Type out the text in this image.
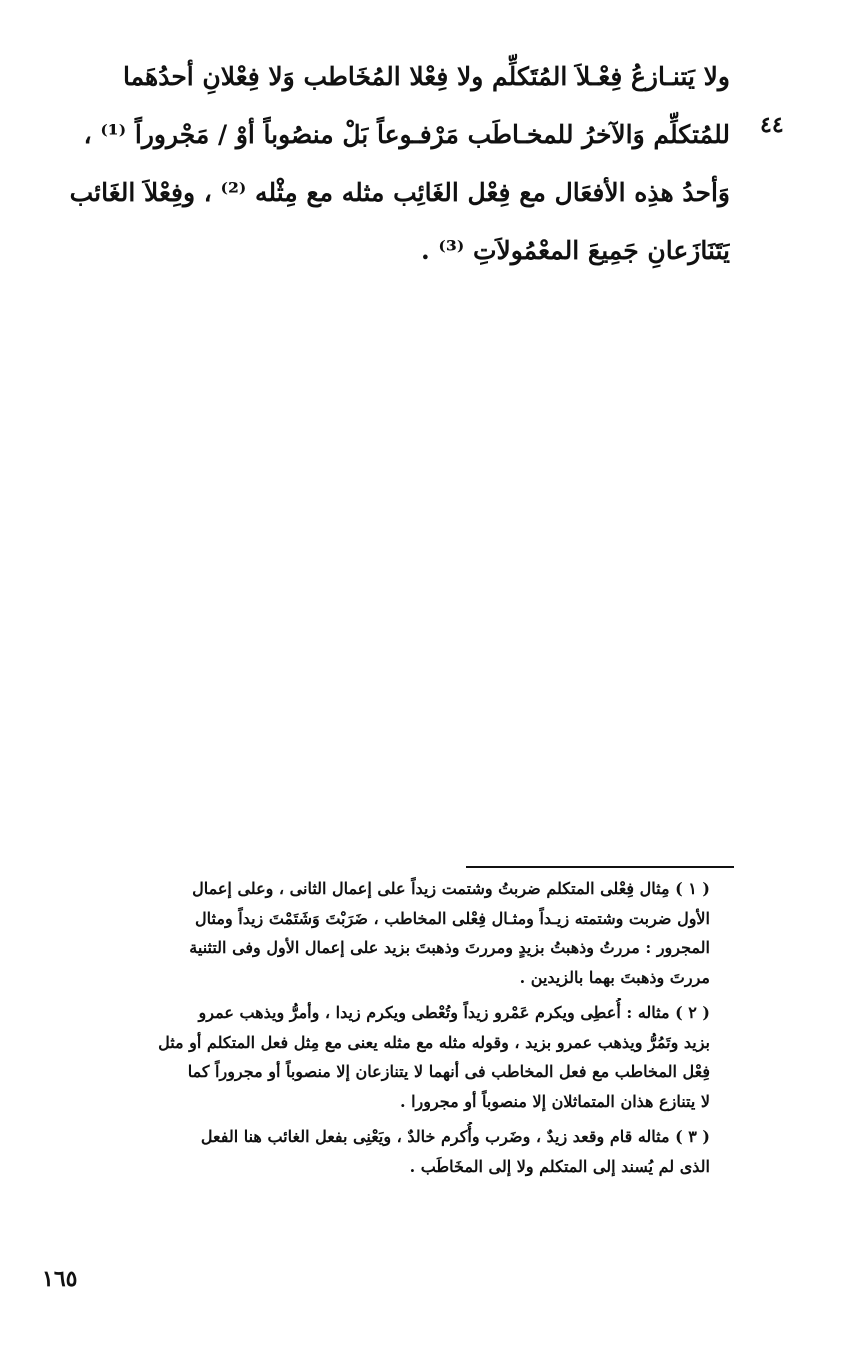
ولا يَتنـازعُ فِعْـلاَ المُتَكلِّم ولا فِعْلا المُخَاطب وَلا فِعْلانِ أحدُهَما
للمُتكلِّم وَالآخرُ للمخـاطَب مَرْفـوعاً بَلْ منصُوباً أوْ / مَجْروراً ⁽¹⁾ ،
وَأحدُ هذِه الأفعَال مع فِعْل الغَائِب مثله مع مِثْله ⁽²⁾ ، وفِعْلاَ الغَائب
يَتَنَازَعانِ جَمِيعَ المعْمُولاَتِ ⁽³⁾ .
٤٤
( ١ ) مِثال فِعْلى المتكلم ضربتُ وشتمت زيداً على إعمال الثانى ، وعلى إعمال
الأول ضربت وشتمته زيـداً ومثـال فِعْلى المخاطب ، ضَرَبْتَ وَشَتَمْتَ زيداً ومثال
المجرور : مررتُ وذهبتُ بزيدٍ ومررتَ وذهبتَ بزيد على إعمال الأول وفى التثنية
مررتَ وذهبتَ بهما بالزيدين .
( ٢ ) مثاله : أُعطِى ويكرم عَمْرو زيداً وتُعْطى ويكرم زيدا ، وأمرُّ ويذهب عمرو
بزيد وتَمُرُّ ويذهب عمرو بزيد ، وقوله مثله مع مثله يعنى مع مِثل فعل المتكلم أو مثل
فِعْل المخاطب مع فعل المخاطب فى أنهما لا يتنازعان إلا منصوباً أو مجروراً كما
لا يتنازع هذان المتماثلان إلا منصوباً أو مجرورا .
( ٣ ) مثاله قام وقعد زيدٌ ، وضَرب وأُكرم خالدٌ ، ويَعْنِى بفعل الغائب هنا الفعل
الذى لم يُسند إلى المتكلم ولا إلى المخَاطَب .
١٦٥
